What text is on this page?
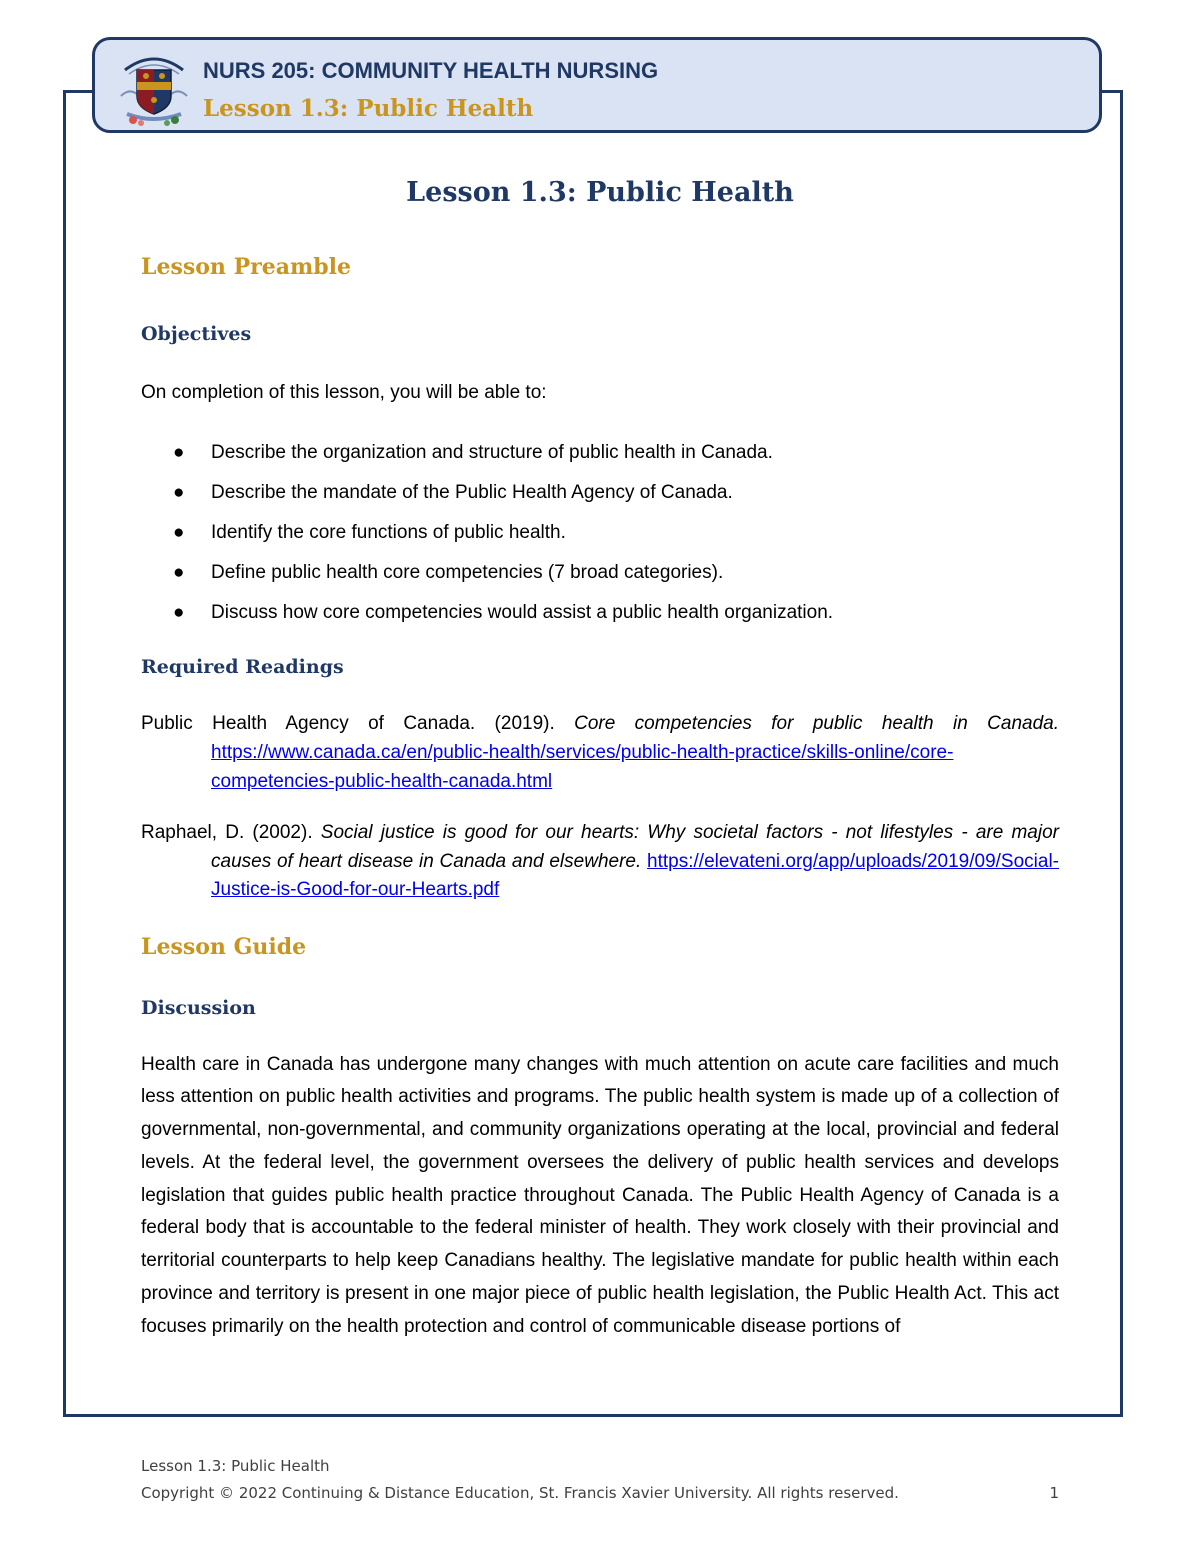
NURS 205: COMMUNITY HEALTH NURSING
Lesson 1.3: Public Health
Lesson 1.3: Public Health
Lesson Preamble
Objectives

On completion of this lesson, you will be able to:

● Describe the organization and structure of public health in Canada.
● Describe the mandate of the Public Health Agency of Canada.
● Identify the core functions of public health.
● Define public health core competencies (7 broad categories).
● Discuss how core competencies would assist a public health organization.
Required Readings

Public Health Agency of Canada. (2019). Core competencies for public health in Canada. https://www.canada.ca/en/public-health/services/public-health-practice/skills-online/core-competencies-public-health-canada.html

Raphael, D. (2002). Social justice is good for our hearts: Why societal factors - not lifestyles - are major causes of heart disease in Canada and elsewhere. https://elevateni.org/app/uploads/2019/09/Social-Justice-is-Good-for-our-Hearts.pdf

Lesson Guide
Discussion

Health care in Canada has undergone many changes with much attention on acute care facilities and much less attention on public health activities and programs. The public health system is made up of a collection of governmental, non-governmental, and community organizations operating at the local, provincial and federal levels. At the federal level, the government oversees the delivery of public health services and develops legislation that guides public health practice throughout Canada. The Public Health Agency of Canada is a federal body that is accountable to the federal minister of health. They work closely with their provincial and territorial counterparts to help keep Canadians healthy. The legislative mandate for public health within each province and territory is present in one major piece of public health legislation, the Public Health Act. This act focuses primarily on the health protection and control of communicable disease portions of

Lesson 1.3: Public Health
Copyright © 2022 Continuing & Distance Education, St. Francis Xavier University. All rights reserved.	1
